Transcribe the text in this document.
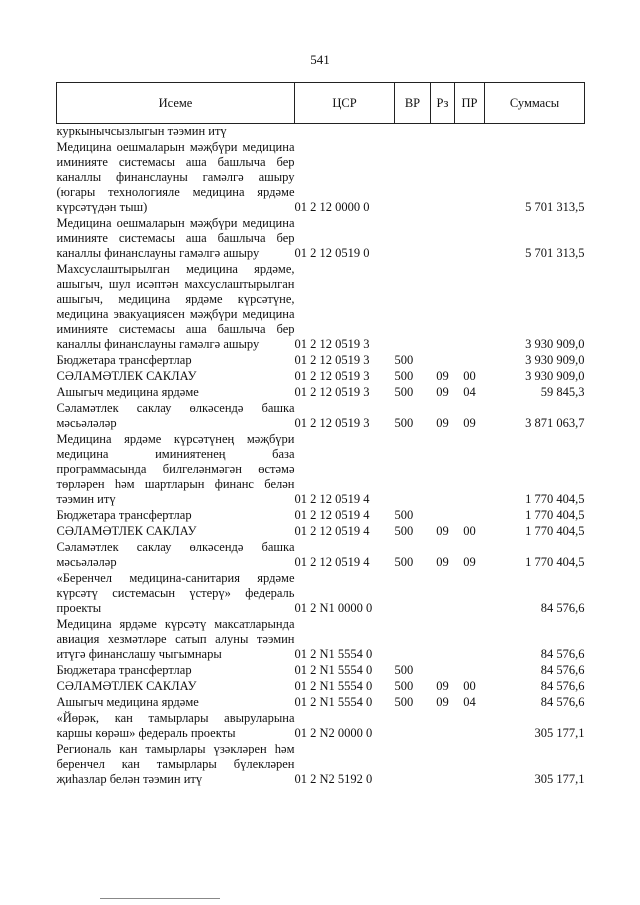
541
Исеме	ЦСР	ВР	Рз	ПР	Суммасы
куркынычсызлыгын тәэмин итү					
Медицина оешмаларын мәҗбүри медицина иминияте системасы аша башлыча бер каналлы финанслауны гамәлгә ашыру (югары технологияле медицина ярдәме күрсәтүдән тыш)	01 2 12 0000 0				5 701 313,5
Медицина оешмаларын мәҗбүри медицина иминияте системасы аша башлыча бер каналлы финанслауны гамәлгә ашыру	01 2 12 0519 0				5 701 313,5
Махсуслаштырылган медицина ярдәме, ашыгыч, шул исәптән махсуслаштырылган ашыгыч, медицина ярдәме күрсәтүне, медицина эвакуациясен мәҗбүри медицина иминияте системасы аша башлыча бер каналлы финанслауны гамәлгә ашыру	01 2 12 0519 3				3 930 909,0
Бюджетара трансфертлар	01 2 12 0519 3	500			3 930 909,0
СӘЛАМӘТЛЕК САКЛАУ	01 2 12 0519 3	500	09	00	3 930 909,0
Ашыгыч медицина ярдәме	01 2 12 0519 3	500	09	04	59 845,3
Сәламәтлек саклау өлкәсендә башка мәсьәләләр	01 2 12 0519 3	500	09	09	3 871 063,7
Медицина ярдәме күрсәтүнең мәҗбүри медицина иминиятенең база программасында билгеләнмәгән өстәмә төрләрен һәм шартларын финанс белән тәэмин итү	01 2 12 0519 4				1 770 404,5
Бюджетара трансфертлар	01 2 12 0519 4	500			1 770 404,5
СӘЛАМӘТЛЕК САКЛАУ	01 2 12 0519 4	500	09	00	1 770 404,5
Сәламәтлек саклау өлкәсендә башка мәсьәләләр	01 2 12 0519 4	500	09	09	1 770 404,5
«Беренчел медицина-санитария ярдәме күрсәтү системасын үстерү» федераль проекты	01 2 N1 0000 0				84 576,6
Медицина ярдәме күрсәтү максатларында авиация хезмәтләре сатып алуны тәэмин итүгә финанслашу чыгымнары	01 2 N1 5554 0				84 576,6
Бюджетара трансфертлар	01 2 N1 5554 0	500			84 576,6
СӘЛАМӘТЛЕК САКЛАУ	01 2 N1 5554 0	500	09	00	84 576,6
Ашыгыч медицина ярдәме	01 2 N1 5554 0	500	09	04	84 576,6
«Йөрәк, кан тамырлары авыруларына каршы көрәш» федераль проекты	01 2 N2 0000 0				305 177,1
Региональ кан тамырлары үзәкләрен һәм беренчел кан тамырлары бүлекләрен җиһазлар белән тәэмин итү	01 2 N2 5192 0				305 177,1
